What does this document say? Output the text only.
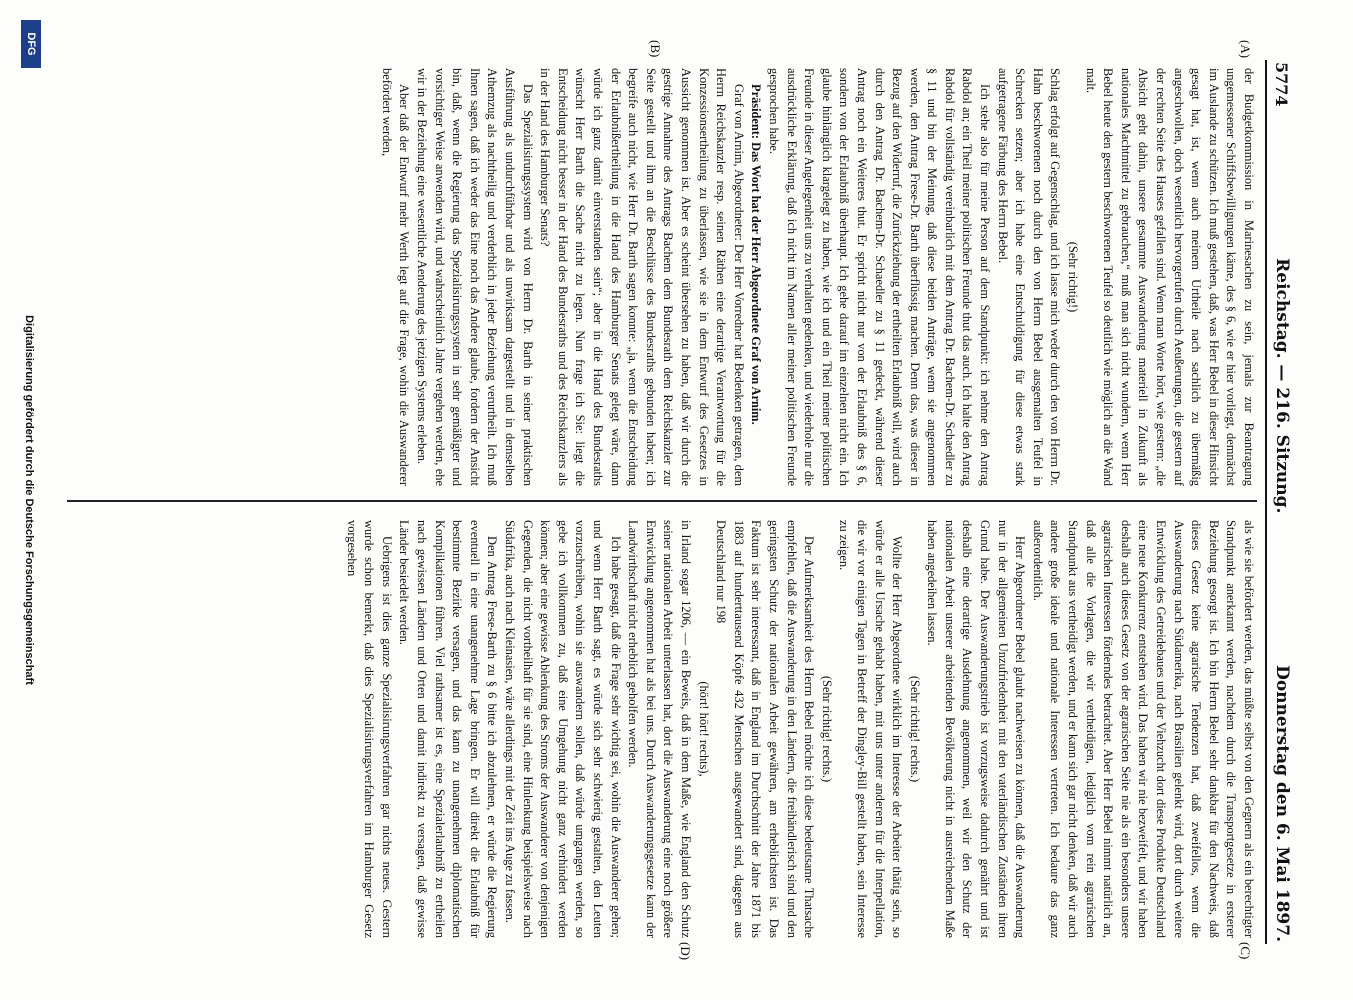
5774
Reichstag. — 216. Sitzung.
Donnerstag den 6. Mai 1897.
(A)
(B)
(C)
(D)

der Budgetkommission in Marinesachen zu sein, jemals zur Beantragung ungemessener Schiffsbewilligungen käme, des § 6, wie er hier vorliegt, demnächst im Auslande zu schützen. Ich muß gestehen, daß, was Herr Bebel in dieser Hinsicht gesagt hat, ist, wenn auch meinem Urtheile nach sachlich zu übermäßig angeschwollen, doch wesentlich hervorgerufen durch Aeußerungen, die gestern auf der rechten Seite des Hauses gefallen sind. Wenn man Worte hört, wie gestern: „die Absicht geht dahin, unsere gesammte Auswanderung materiell in Zukunft als nationales Machtmittel zu gebrauchen,“ muß man sich nicht wundern, wenn Herr Bebel heute den gestern beschworenen Teufel so deutlich wie möglich an die Wand malt.

(Sehr richtig!)

Schlag erfolgt auf Gegenschlag, und ich lasse mich weder durch den von Herrn Dr. Hahn beschworenen noch durch den von Herrn Bebel ausgemalten Teufel in Schrecken setzen; aber ich habe eine Entschuldigung für diese etwas stark aufgetragene Färbung des Herrn Bebel.

Ich stehe also für meine Person auf dem Standpunkt: ich nehme den Antrag Rabdol an; ein Theil meiner politischen Freunde thut das auch. Ich halte den Antrag Rabdol für vollständig vereinbarlich mit dem Antrag Dr. Bachem-Dr. Schaedler zu § 11 und bin der Meinung, daß diese beiden Anträge, wenn sie angenommen werden, den Antrag Frese-Dr. Barth überflüssig machen. Denn das, was dieser in Bezug auf den Widerruf, die Zurückziehung der ertheilten Erlaubniß will, wird auch durch den Antrag Dr. Bachem-Dr. Schaedler zu § 11 gedeckt, während dieser Antrag noch ein Weiteres thut. Er spricht nicht nur von der Erlaubniß des § 6, sondern von der Erlaubniß überhaupt. Ich gehe darauf im einzelnen nicht ein. Ich glaube hinlänglich klargelegt zu haben, wie ich und ein Theil meiner politischen Freunde in dieser Angelegenheit uns zu verhalten gedenken, und wiederhole nur die ausdrückliche Erklärung, daß ich nicht im Namen aller meiner politischen Freunde gesprochen habe.

Präsident: Das Wort hat der Herr Abgeordnete Graf von Arnim.

Graf von Arnim, Abgeordneter: Der Herr Vorredner hat Bedenken getragen, dem Herrn Reichskanzler resp. seinen Räthen eine derartige Verantwortung für die Konzessionsertheilung zu überlassen, wie sie in dem Entwurf des Gesetzes in Aussicht genommen ist. Aber es scheint übersehen zu haben, daß wir durch die gestrige Annahme des Antrags Bachem dem Bundesrath dem Reichskanzler zur Seite gestellt und ihm an die Beschlüsse des Bundesraths gebunden haben; ich begreife auch nicht, wie Herr Dr. Barth sagen konnte: „ja, wenn die Entscheidung der Erlaubnißertheilung in die Hand des Hamburger Senats gelegt wäre, dann würde ich ganz damit einverstanden sein“; aber in die Hand des Bundesraths wünscht Herr Barth die Sache nicht zu legen. Nun frage ich Sie: liegt die Entscheidung nicht besser in der Hand des Bundesraths und des Reichskanzlers als in der Hand des Hamburger Senats?

Das Spezialisirungssystem wird von Herrn Dr. Barth in seiner praktischen Ausführung als undurchführbar und als unwirksam dargestellt und in demselben Athemzug als nachtheilig und verderblich in jeder Beziehung verurtheilt. Ich muß Ihnen sagen, daß ich weder das Eine noch das Andere glaube, fordern der Ansicht bin, daß, wenn die Regierung das Spezialisirungssystem in sehr gemäßigter und vorsichtiger Weise anwenden wird, und wahrscheinlich Jahre vergehen werden, ehe wir in der Beziehung eine wesentliche Aenderung des jetzigen Systems erleben.

Aber daß der Entwurf mehr Werth legt auf die Frage, wohin die Auswanderer befördert werden,

als wie sie befördert werden, das müßte selbst von den Gegnern als ein berechtigter Standpunkt anerkannt werden, nachdem durch die Transportgesetze in ersterer Beziehung gesorgt ist. Ich bin Herrn Bebel sehr dankbar für den Nachweis, daß dieses Gesetz keine agrarische Tendenzen hat, daß zweifellos, wenn die Auswanderung nach Südamerika, nach Brasilien gelenkt wird, dort durch weitere Entwicklung des Getreidebaues und der Viehzucht dort diese Produkte Deutschland eine neue Konkurrenz entstehen wird. Das haben wir nie bezweifelt, und wir haben deshalb auch dieses Gesetz von der agrarischen Seite nie als ein besonders unsere agrarischen Interessen förderndes betrachtet. Aber Herr Bebel nimmt natürlich an, daß alle die Vorlagen, die wir vertheidigen, lediglich vom rein agrarischen Standpunkt aus vertheidigt werden, und er kann sich gar nicht denken, daß wir auch andere große ideale und nationale Interessen vertreten. Ich bedaure das ganz außerordentlich.

Herr Abgeordneter Bebel glaubt nachweisen zu können, daß die Auswanderung nur in der allgemeinen Unzufriedenheit mit den vaterländischen Zuständen ihren Grund habe. Der Auswanderungstrieb ist vorzugsweise dadurch genährt und ist deshalb eine derartige Ausdehnung angenommen, weil wir den Schutz der nationalen Arbeit unserer arbeitenden Bevölkerung nicht in ausreichendem Maße haben angedeihen lassen.

(Sehr richtig! rechts.)

Wollte der Herr Abgeordnete wirklich im Interesse der Arbeiter thätig sein, so würde er alle Ursache gehabt haben, mit uns unter anderem für die Interpellation, die wir vor einigen Tagen in Betreff der Dingley-Bill gestellt haben, sein Interesse zu zeigen.

(Sehr richtig! rechts.)

Der Aufmerksamkeit des Herrn Bebel möchte ich diese bedeutsame Thatsache empfehlen, daß die Auswanderung in den Ländern, die freihändlerisch sind und den geringsten Schutz der nationalen Arbeit gewähren, am erheblichsten ist. Das Faktum ist sehr interessant, daß in England im Durchschnitt der Jahre 1871 bis 1883 auf hunderttausend Köpfe 432 Menschen ausgewandert sind, dagegen aus Deutschland nur 198

(hört! hört! rechts),

in Irland sogar 1206, — ein Beweis, daß in dem Maße, wie England den Schutz seiner nationalen Arbeit unterlassen hat, dort die Auswanderung eine noch größere Entwicklung angenommen hat als bei uns. Durch Auswanderungsgesetze kann der Landwirthschaft nicht erheblich geholfen werden.

Ich habe gesagt, daß die Frage sehr wichtig sei, wohin die Auswanderer gehen; und wenn Herr Barth sagt, es würde sich sehr schwierig gestalten, den Leuten vorzuschreiben, wohin sie auswandern sollen, daß würde umgangen werden, so gebe ich vollkommen zu, daß eine Umgehung nicht ganz verhindert werden können; aber eine gewisse Ablenkung des Stroms der Auswanderer von denjenigen Gegenden, die nicht vortheilhaft für sie sind, eine Hinlenkung beispielsweise nach Südafrika, auch nach Kleinasien, wäre allerdings mit der Zeit ins Auge zu fassen.

Den Antrag Frese-Barth zu § 6 bitte ich abzulehnen, er würde die Regierung eventuell in eine unangenehme Lage bringen. Er will direkt die Erlaubniß für bestimmte Bezirke versagen, und das kann zu unangenehmen diplomatischen Komplikationen führen. Viel rathsamer ist es, eine Spezialerlaubniß zu ertheilen nach gewissen Ländern und Orten und damit indirekt zu versagen, daß gewisse Länder besiedelt werden.

Uebrigens ist dies ganze Spezialisirungsverfahren gar nichts neues. Gestern wurde schon bemerkt, daß dies Spezialisirungsverfahren im Hamburger Gesetz vorgesehen

DFG
Digitalisierung gefördert durch die Deutsche Forschungsgemeinschaft
